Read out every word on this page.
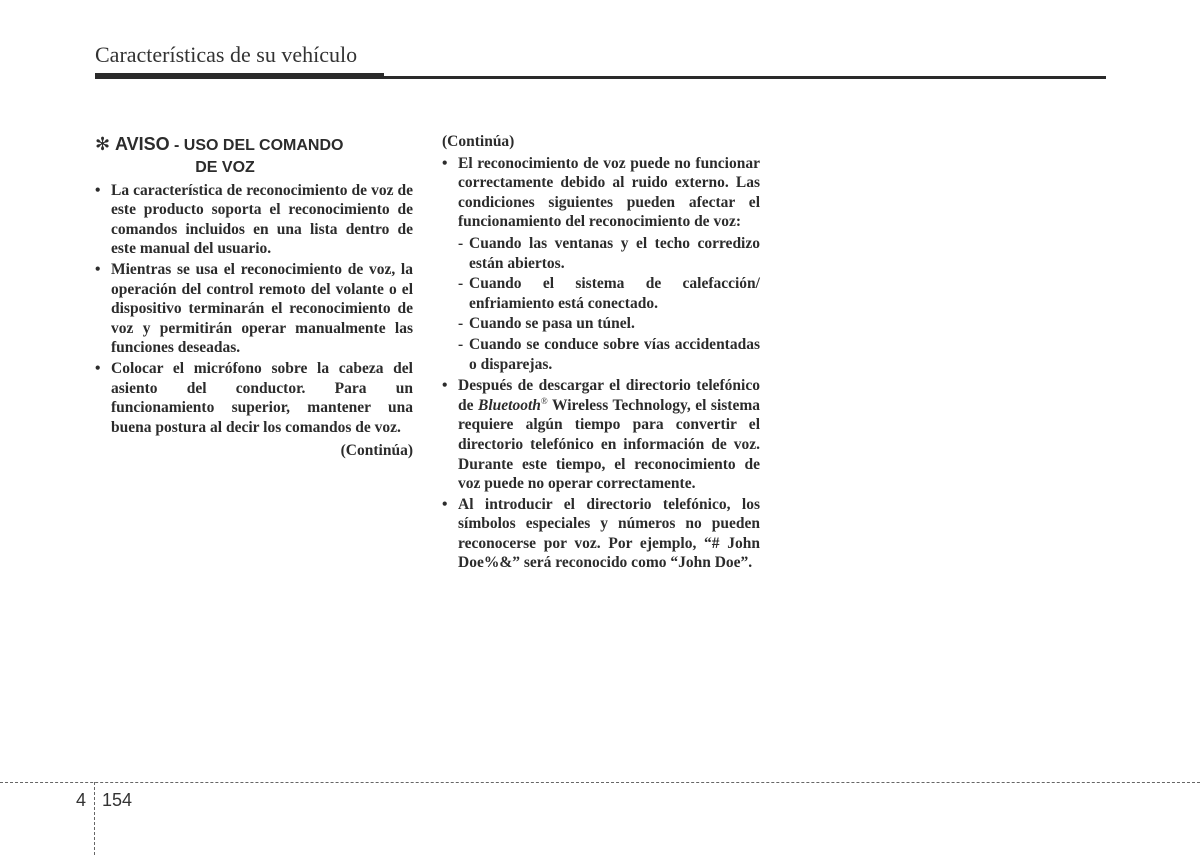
Características de su vehículo
✻ AVISO - USO DEL COMANDO
DE VOZ
• La característica de reconocimiento de voz de este producto soporta el reconocimiento de comandos incluidos en una lista dentro de este manual del usuario.
• Mientras se usa el reconocimiento de voz, la operación del control remoto del volante o el dispositivo terminarán el reconocimiento de voz y permitirán operar manualmente las funciones deseadas.
• Colocar el micrófono sobre la cabeza del asiento del conductor. Para un funcionamiento superior, mantener una buena postura al decir los comandos de voz.
(Continúa)
(Continúa)
• El reconocimiento de voz puede no funcionar correctamente debido al ruido externo. Las condiciones siguientes pueden afectar el funcionamiento del reconocimiento de voz:
- Cuando las ventanas y el techo corredizo están abiertos.
- Cuando el sistema de calefacción/ enfriamiento está conectado.
- Cuando se pasa un túnel.
- Cuando se conduce sobre vías accidentadas o disparejas.
• Después de descargar el directorio telefónico de Bluetooth® Wireless Technology, el sistema requiere algún tiempo para convertir el directorio telefónico en información de voz. Durante este tiempo, el reconocimiento de voz puede no operar correctamente.
• Al introducir el directorio telefónico, los símbolos especiales y números no pueden reconocerse por voz. Por ejemplo, “# John Doe%&” será reconocido como “John Doe”.
4 154
